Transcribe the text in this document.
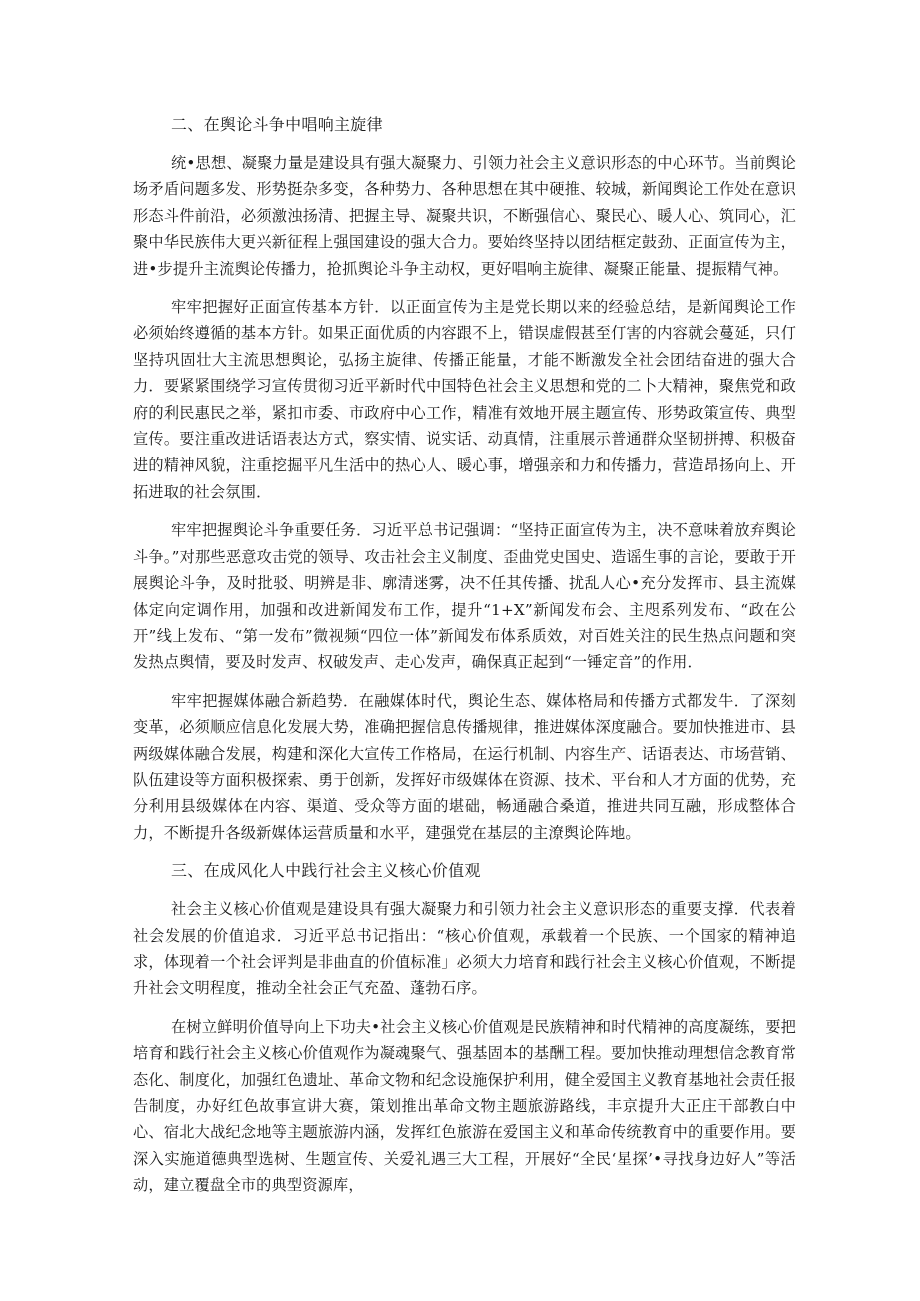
二、在舆论斗争中唱响主旋律

统•思想、凝聚力量是建设具有强大凝聚力、引领力社会主义意识形态的中心环节。当前舆论场矛盾问题多发、形势挺杂多变，各种势力、各种思想在其中硬推、较城，新闻舆论工作处在意识形态斗件前沿，必须激浊扬清、把握主导、凝聚共识，不断强信心、聚民心、暖人心、筑同心，汇聚中华民族伟大更兴新征程上强国建设的强大合力。要始终坚持以团结框定鼓劲、正面宣传为主，进•步提升主流舆论传播力，抢抓舆论斗争主动权，更好唱响主旋律、凝聚正能量、提振精气神。

牢牢把握好正面宣传基本方针．以正面宣传为主是党长期以来的经验总结，是新闻舆论工作必须始终遵循的基本方针。如果正面优质的内容跟不上，错误虚假甚至仃害的内容就会蔓延，只仃坚持巩固壮大主流思想舆论，弘扬主旋律、传播正能量，才能不断激发全社会团结奋进的强大合力．要紧紧围绕学习宣传贯彻习近平新时代中国特色社会主义思想和党的二卜大精神，聚焦党和政府的利民惠民之举，紧扣市委、市政府中心工作，精准有效地开展主题宣传、形势政策宣传、典型宣传。要注重改进话语表达方式，察实情、说实话、动真情，注重展示普通群众坚韧拼搏、积极奋进的精神风貌，注重挖掘平凡生活中的热心人、暖心事，增强亲和力和传播力，营造昂扬向上、开拓进取的社会氛围．

牢牢把握舆论斗争重要任务．习近平总书记强调：“坚持正面宣传为主，决不意味着放弃舆论斗争。”对那些恶意攻击党的领导、攻击社会主义制度、歪曲党史国史、造谣生事的言论，要敢于开展舆论斗争，及时批驳、明辨是非、廓清迷雾，决不任其传播、扰乱人心•充分发挥市、县主流媒体定向定调作用，加强和改进新闻发布工作，提升“1+X”新闻发布会、主咫系列发布、“政在公开”线上发布、“第一发布”微视频“四位一体”新闻发布体系质效，对百姓关注的民生热点问题和突发热点舆情，要及时发声、权破发声、走心发声，确保真正起到“一锤定音”的作用．

牢牢把握媒体融合新趋势．在融媒体时代，舆论生态、媒体格局和传播方式都发牛．了深刻变革，必须顺应信息化发展大势，准确把握信息传播规律，推进媒体深度融合。要加快推进市、县两级媒体融合发展，构建和深化大宣传工作格局，在运行机制、内容生产、话语表达、市场营销、队伍建设等方面积极探索、勇于创新，发挥好市级媒体在资源、技术、平台和人才方面的优势，充分利用县级媒体在内容、渠道、受众等方面的堪础，畅通融合桑道，推进共同互融，形成整体合力，不断提升各级新媒体运营质量和水平，建强党在基层的主潦舆论阵地。

三、在成风化人中践行社会主义核心价值观

社会主义核心价值观是建设具有强大凝聚力和引领力社会主义意识形态的重要支撑．代表着社会发展的价值追求．习近平总书记指出：“核心价值观，承载着一个民族、一个国家的精神追求，体现着一个社会评判是非曲直的价值标准」必须大力培育和践行社会主义核心价值观，不断提升社会文明程度，推动全社会正气充盈、蓬勃石序。

在树立鲜明价值导向上下功夫•社会主义核心价值观是民族精神和时代精神的高度凝练，要把培育和践行社会主义核心价值观作为凝魂聚气、强基固本的基酬工程。要加快推动理想信念教育常态化、制度化，加强红色遗址、革命文物和纪念设施保护利用，健全爱国主义教育基地社会责任报告制度，办好红色故事宣讲大赛，策划推出革命文物主题旅游路线，丰京提升大正庄干部教白中心、宿北大战纪念地等主题旅游内涵，发挥红色旅游在爱国主义和革命传统教育中的重要作用。要深入实施道德典型选树、生题宣传、关爱礼遇三大工程，开展好“全民‘星探’•寻找身边好人”等活动，建立覆盘全市的典型资源库，
